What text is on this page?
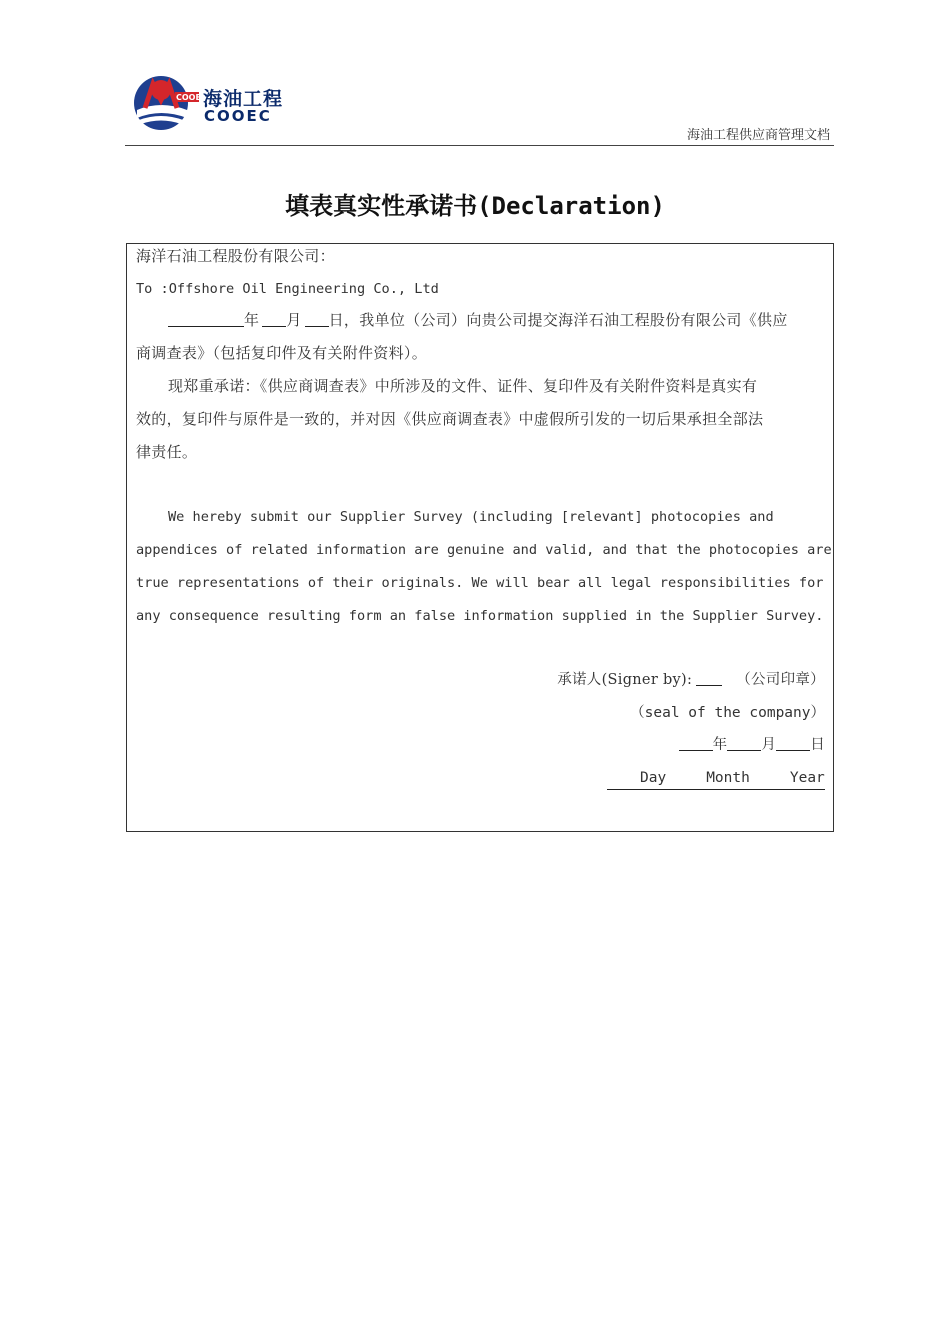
COOEC
海油工程
COOEC
海油工程供应商管理文档
填表真实性承诺书(Declaration)
海洋石油工程股份有限公司：
To :Offshore Oil Engineering Co., Ltd
年 月 日，我单位（公司）向贵公司提交海洋石油工程股份有限公司《供应
商调查表》（包括复印件及有关附件资料）。
现郑重承诺：《供应商调查表》中所涉及的文件、证件、复印件及有关附件资料是真实有
效的，复印件与原件是一致的，并对因《供应商调查表》中虚假所引发的一切后果承担全部法
律责任。
We hereby submit our Supplier Survey (including [relevant] photocopies and
appendices of related information are genuine and valid, and that the photocopies are
true representations of their originals. We will bear all legal responsibilities for
any consequence resulting form an false information supplied in the Supplier Survey.
承诺人(Signer by):	（公司印章）
（seal of the company）
年 月 日
Day	Month	Year
